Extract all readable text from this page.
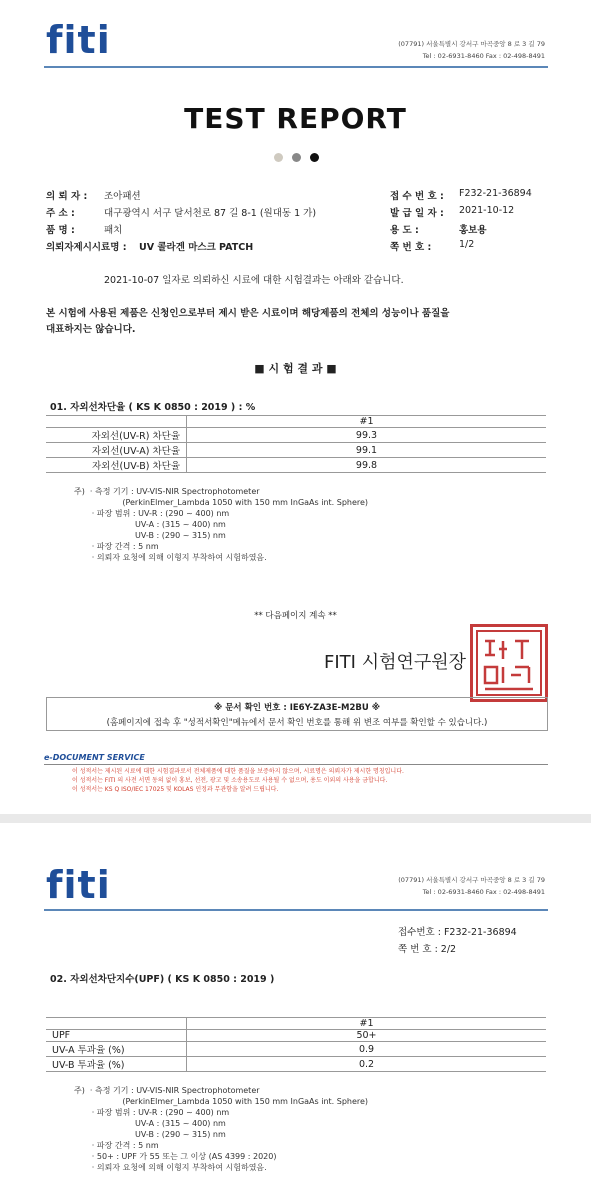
fiti	(07791) 서울특별시 강서구 마곡중앙 8 로 3 길 79
Tel : 02-6931-8460 Fax : 02-498-8491
TEST REPORT
의 뢰 자 : 조아패션
주 소 :	대구광역시 서구 달서천로 87 길 8-1 (원대동 1 가)
품 명 :	패치
의뢰자제시시료명 : UV 콜라겐 마스크 PATCH
접 수 번 호 : F232-21-36894
발 급 일 자 : 2021-10-12
용 도 :	홍보용
쪽 번 호 :	1/2
2021-10-07 일자로 의뢰하신 시료에 대한 시험결과는 아래와 같습니다.
본 시험에 사용된 제품은 신청인으로부터 제시 받은 시료이며 해당제품의 전체의 성능이나 품질을
대표하지는 않습니다.
■ 시 험 결 과 ■
01. 자외선차단율 ( KS K 0850 : 2019 ) : %
	#1
자외선(UV-R) 차단율	99.3
자외선(UV-A) 차단율	99.1
자외선(UV-B) 차단율	99.8
주)  · 측정 기기 : UV-VIS-NIR Spectrophotometer
(PerkinElmer_Lambda 1050 with 150 mm InGaAs int. Sphere)
· 파장 범위 : UV-R : (290 ~ 400) nm
UV-A : (315 ~ 400) nm
UV-B : (290 ~ 315) nm
· 파장 간격 : 5 nm
· 의뢰자 요청에 의해 이형지 부착하여 시험하였음.
** 다음페이지 계속 **
FITI 시험연구원장
※ 문서 확인 번호 : IE6Y-ZA3E-M2BU ※
(홈페이지에 접속 후 "성적서확인"메뉴에서 문서 확인 번호를 통해 위 변조 여부를 확인할 수 있습니다.)
e-DOCUMENT SERVICE
이 성적서는 제시된 시료에 대한 시험결과로서 전체제품에 대한 품질을 보증하지 않으며, 시료명은 의뢰자가 제시한 명칭입니다.
이 성적서는 FITI 의 사전 서면 동의 없이 홍보, 선전, 광고 및 소송용도로 사용될 수 없으며, 용도 이외의 사용을 금합니다.
이 성적서는 KS Q ISO/IEC 17025 및 KOLAS 인정과 무관함을 알려 드립니다.
fiti	(07791) 서울특별시 강서구 마곡중앙 8 로 3 길 79
Tel : 02-6931-8460 Fax : 02-498-8491
접수번호 : F232-21-36894
쪽 번 호 : 2/2
02. 자외선차단지수(UPF) ( KS K 0850 : 2019 )
	#1
UPF	50+
UV-A 투과율 (%)	0.9
UV-B 투과율 (%)	0.2
주)  · 측정 기기 : UV-VIS-NIR Spectrophotometer
(PerkinElmer_Lambda 1050 with 150 mm InGaAs int. Sphere)
· 파장 범위 : UV-R : (290 ~ 400) nm
UV-A : (315 ~ 400) nm
UV-B : (290 ~ 315) nm
· 파장 간격 : 5 nm
· 50+ : UPF 가 55 또는 그 이상 (AS 4399 : 2020)
· 의뢰자 요청에 의해 이형지 부착하여 시험하였음.
